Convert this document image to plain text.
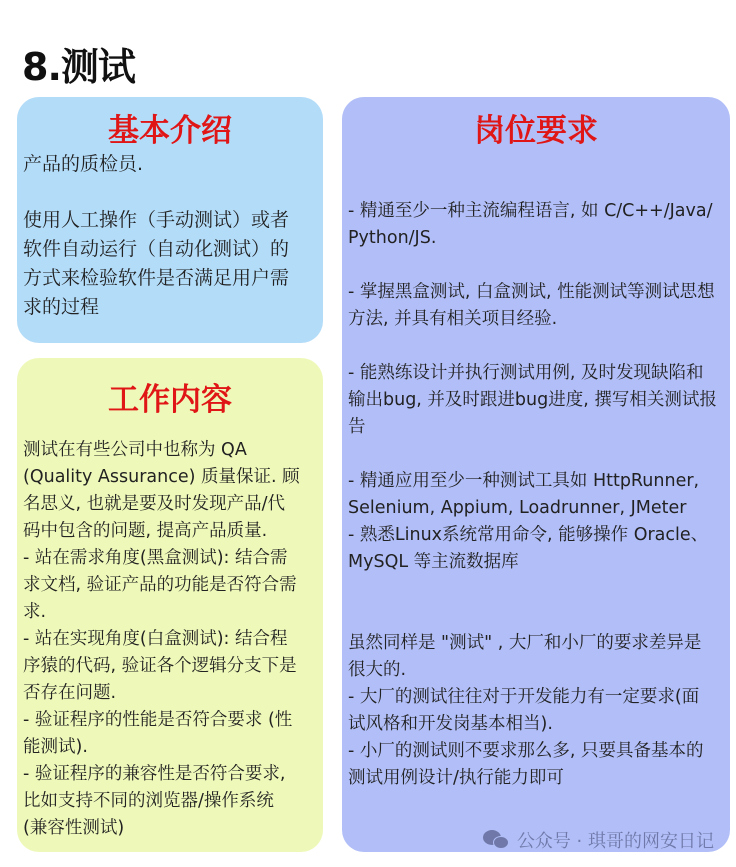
8.测试
基本介绍
产品的质检员.
使用人工操作（手动测试）或者
软件自动运行（自动化测试）的
方式来检验软件是否满足用户需
求的过程
工作内容
测试在有些公司中也称为 QA
(Quality Assurance) 质量保证. 顾
名思义, 也就是要及时发现产品/代
码中包含的问题, 提高产品质量.
- 站在需求角度(黑盒测试): 结合需
求文档, 验证产品的功能是否符合需
求.
- 站在实现角度(白盒测试): 结合程
序猿的代码, 验证各个逻辑分支下是
否存在问题.
- 验证程序的性能是否符合要求 (性
能测试).
- 验证程序的兼容性是否符合要求,
比如支持不同的浏览器/操作系统
(兼容性测试)
岗位要求
- 精通至少一种主流编程语言, 如 C/C++/Java/
Python/JS.
- 掌握黑盒测试, 白盒测试, 性能测试等测试思想
方法, 并具有相关项目经验.
- 能熟练设计并执行测试用例, 及时发现缺陷和
输出bug, 并及时跟进bug进度, 撰写相关测试报
告
- 精通应用至少一种测试工具如 HttpRunner,
Selenium, Appium, Loadrunner, JMeter
- 熟悉Linux系统常用命令, 能够操作 Oracle、
MySQL 等主流数据库
虽然同样是 "测试" , 大厂和小厂的要求差异是
很大的.
- 大厂的测试往往对于开发能力有一定要求(面
试风格和开发岗基本相当).
- 小厂的测试则不要求那么多, 只要具备基本的
测试用例设计/执行能力即可
公众号 · 琪哥的网安日记
